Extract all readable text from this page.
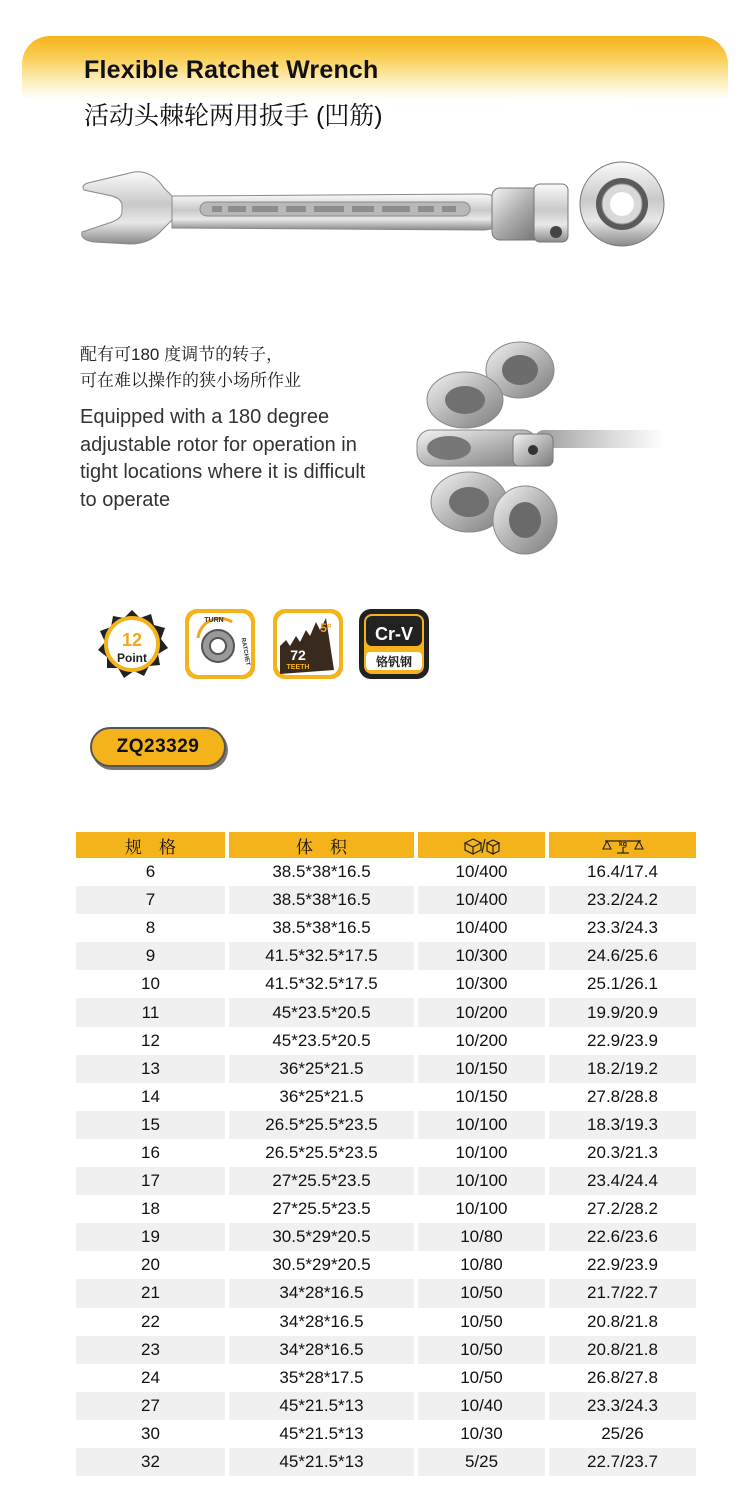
Flexible Ratchet Wrench
活动头棘轮两用扳手 (凹筋)
配有可180 度调节的转子，
可在难以操作的狭小场所作业
Equipped with a 180 degree adjustable rotor for operation in tight locations where it is difficult to operate
12
Point
TURN
RATCHET	72
TEETH
5° Cr-V
铬钒钢
ZQ23329
规　格	体　积		kg

6	38.5*38*16.5	10/400	16.4/17.4
7	38.5*38*16.5	10/400	23.2/24.2
8	38.5*38*16.5	10/400	23.3/24.3
9	41.5*32.5*17.5	10/300	24.6/25.6
10	41.5*32.5*17.5	10/300	25.1/26.1
11	45*23.5*20.5	10/200	19.9/20.9
12	45*23.5*20.5	10/200	22.9/23.9
13	36*25*21.5	10/150	18.2/19.2
14	36*25*21.5	10/150	27.8/28.8
15	26.5*25.5*23.5	10/100	18.3/19.3
16	26.5*25.5*23.5	10/100	20.3/21.3
17	27*25.5*23.5	10/100	23.4/24.4
18	27*25.5*23.5	10/100	27.2/28.2
19	30.5*29*20.5	10/80	22.6/23.6
20	30.5*29*20.5	10/80	22.9/23.9
21	34*28*16.5	10/50	21.7/22.7
22	34*28*16.5	10/50	20.8/21.8
23	34*28*16.5	10/50	20.8/21.8
24	35*28*17.5	10/50	26.8/27.8
27	45*21.5*13	10/40	23.3/24.3
30	45*21.5*13	10/30	25/26
32	45*21.5*13	5/25	22.7/23.7
